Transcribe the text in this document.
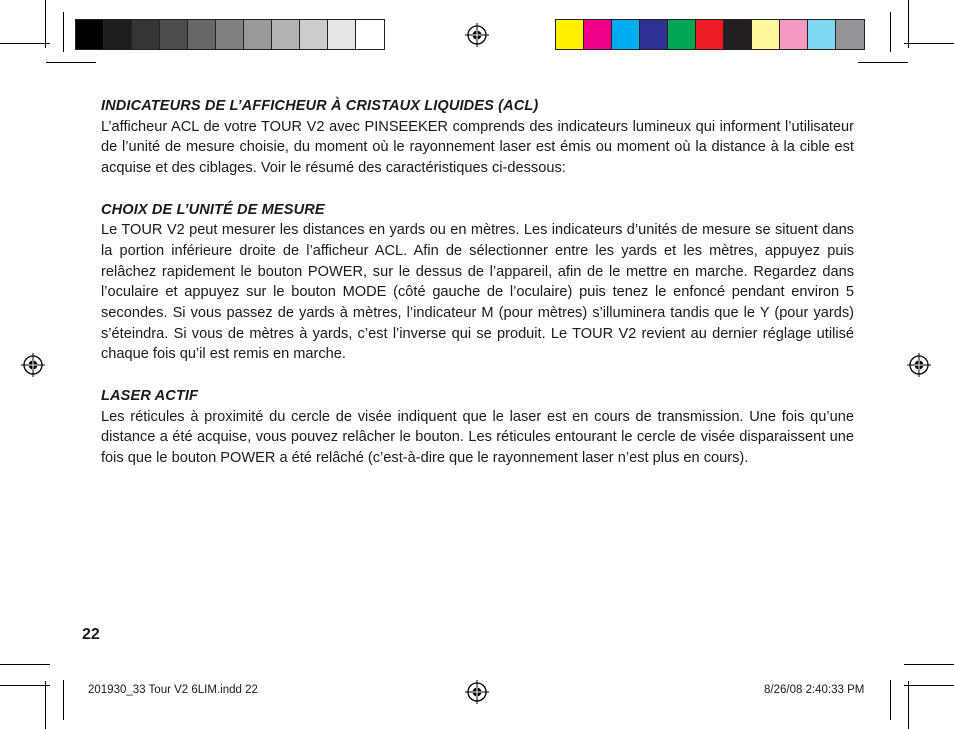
INDICATEURS DE L’AFFICHEUR À CRISTAUX LIQUIDES (ACL)

L’afficheur ACL de votre TOUR V2 avec PINSEEKER comprends des indicateurs lumineux qui informent l’utilisateur de l’unité de mesure choisie, du moment où le rayonnement laser est émis ou moment où la distance à la cible est acquise et des ciblages. Voir le résumé des caractéristiques ci-dessous:

CHOIX DE L’UNITÉ DE MESURE

Le TOUR V2 peut mesurer les distances en yards ou en mètres. Les indicateurs d’unités de mesure se situent dans la portion inférieure droite de l’afficheur ACL. Afin de sélectionner entre les yards et les mètres, appuyez puis relâchez rapidement le bouton POWER, sur le dessus de l’appareil, afin de le mettre en marche. Regardez dans l’oculaire et appuyez sur le bouton MODE (côté gauche de l’oculaire) puis tenez le enfoncé pendant environ 5 secondes. Si vous passez de yards à mètres, l’indicateur M (pour mètres) s’illuminera tandis que le Y (pour yards) s’éteindra. Si vous de mètres à yards, c’est l’inverse qui se produit. Le TOUR V2 revient au dernier réglage utilisé chaque fois qu’il est remis en marche.

LASER ACTIF

Les réticules à proximité du cercle de visée indiquent que le laser est en cours de transmission. Une fois qu’une distance a été acquise, vous pouvez relâcher le bouton. Les réticules entourant le cercle de visée disparaissent une fois que le bouton POWER a été relâché (c’est-à-dire que le rayonnement laser n’est plus en cours).

22
201930_33 Tour V2 6LIM.indd 22	8/26/08 2:40:33 PM
